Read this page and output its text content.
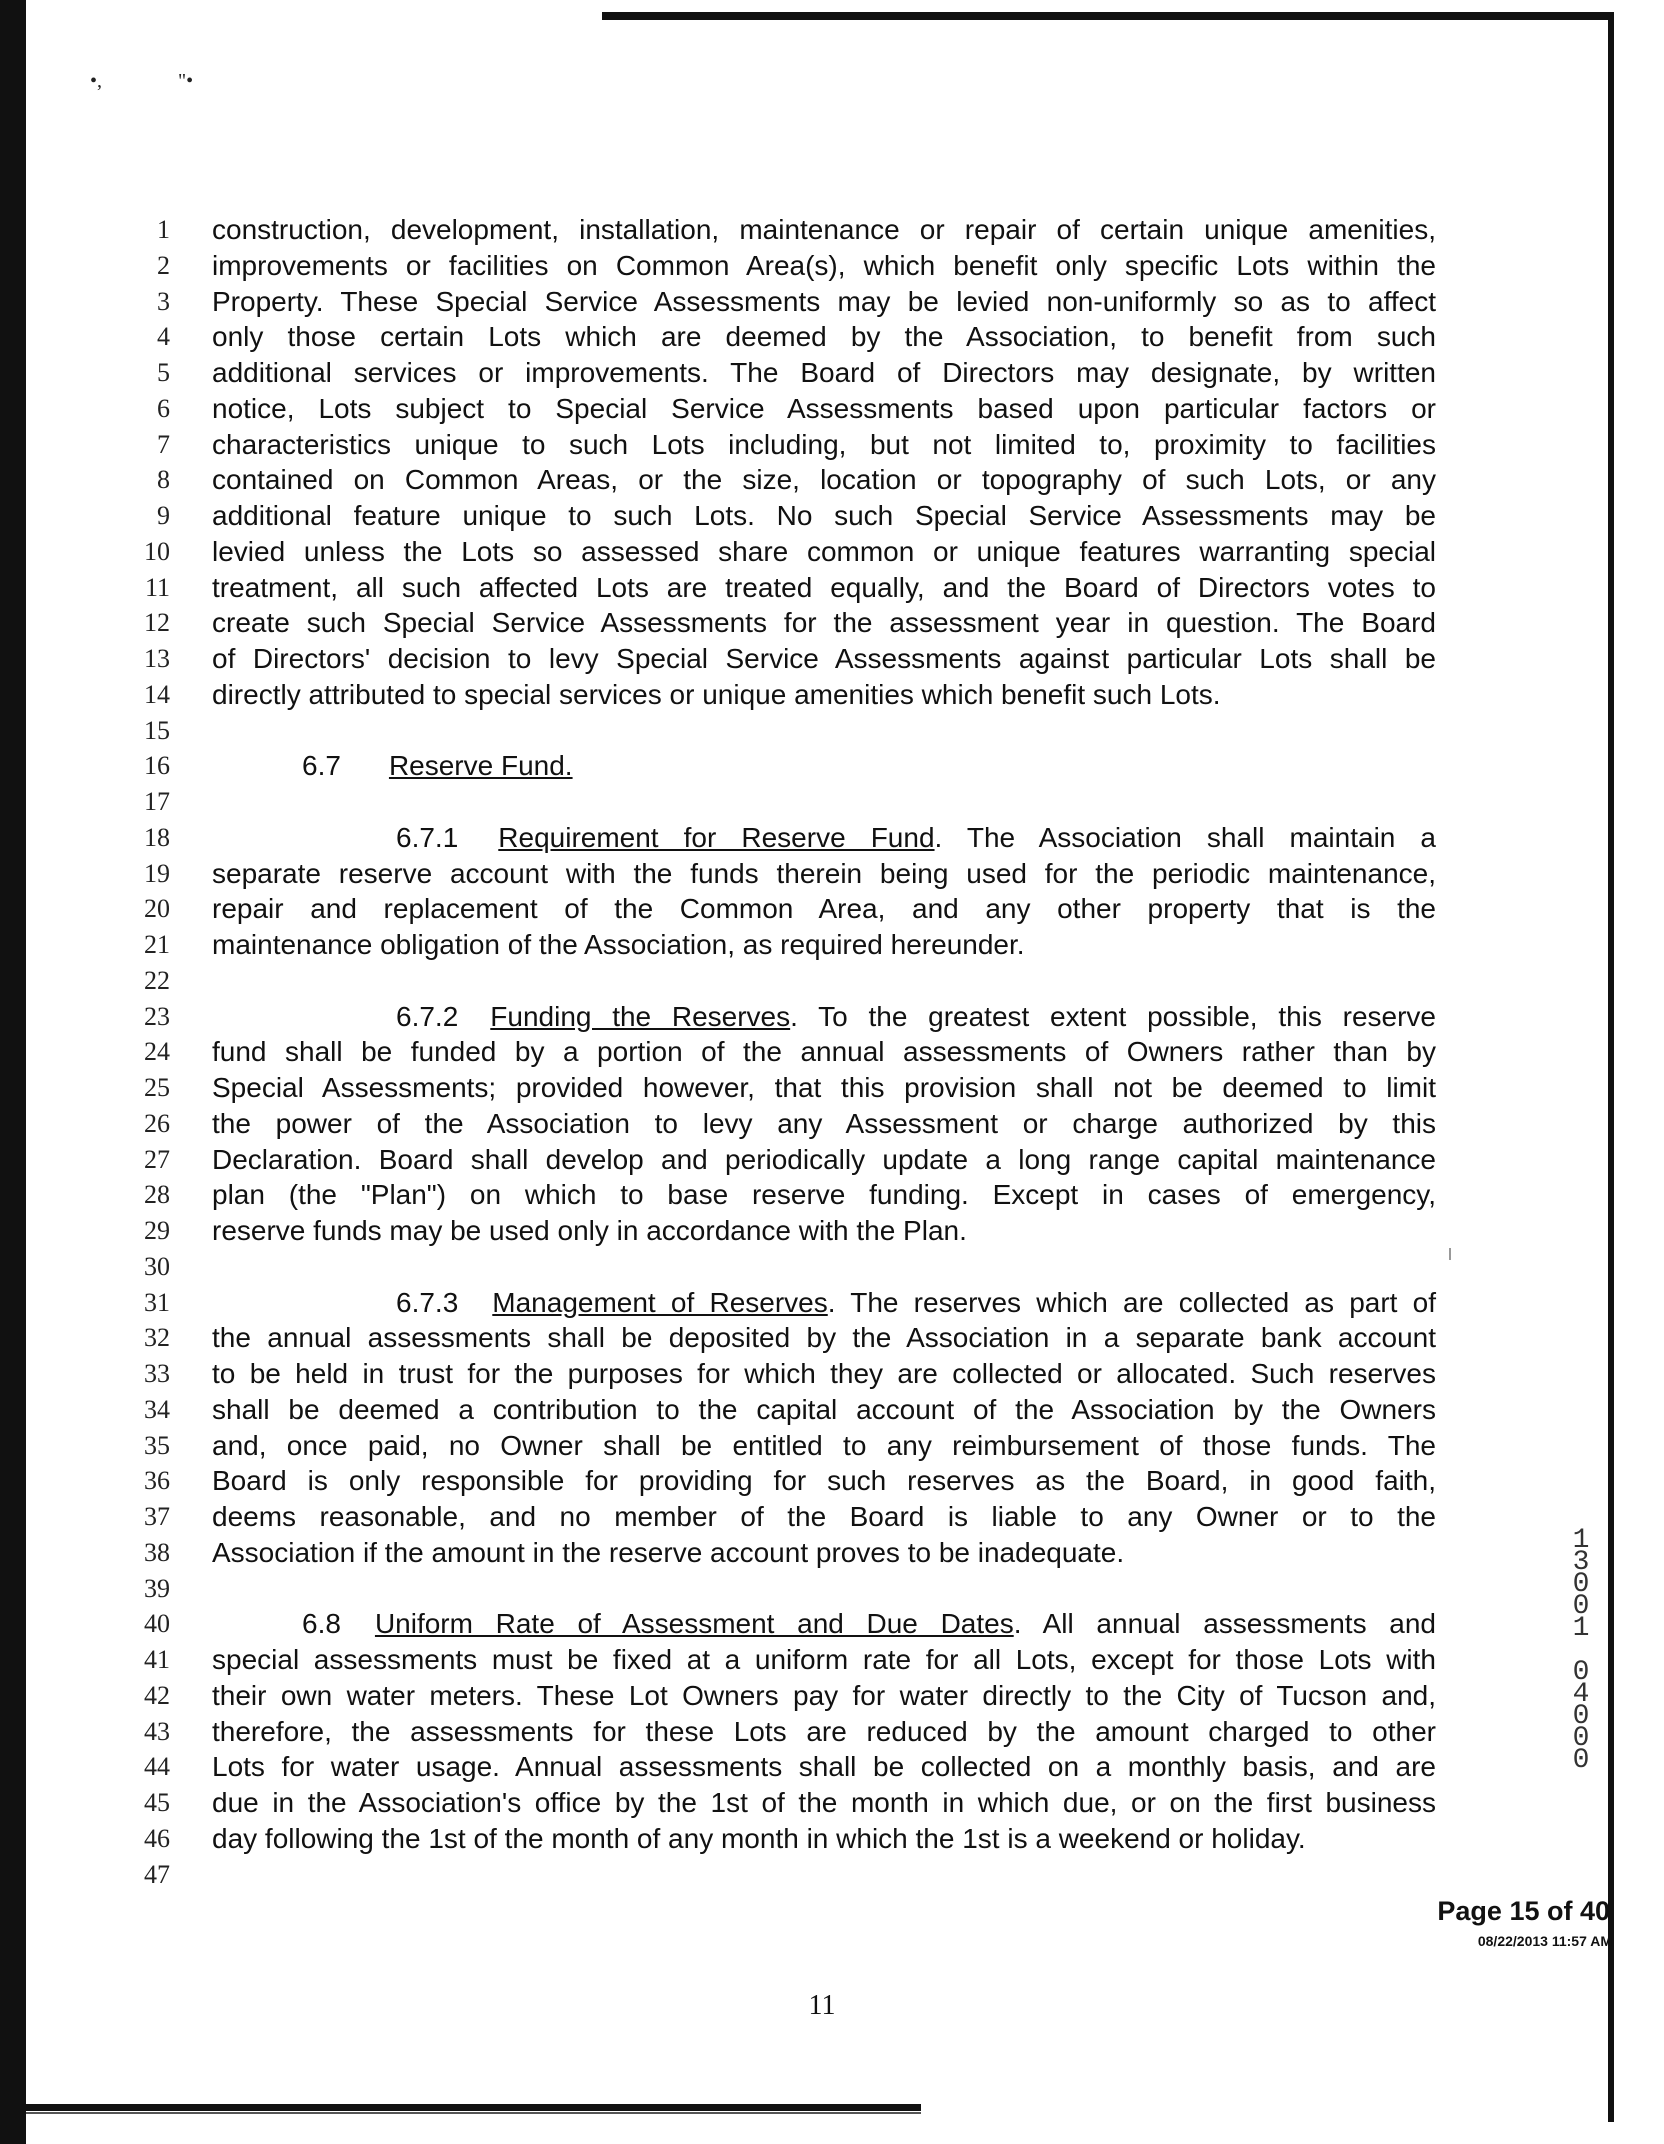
•,	"•
1
2
3
4
5
6
7
8
9
10
11
12
13
14
15
16
17
18
19
20
21
22
23
24
25
26
27
28
29
30
31
32
33
34
35
36
37
38
39
40
41
42
43
44
45
46
47
construction, development, installation, maintenance or repair of certain unique amenities,
improvements or facilities on Common Area(s), which benefit only specific Lots within the
Property. These Special Service Assessments may be levied non-uniformly so as to affect
only those certain Lots which are deemed by the Association, to benefit from such
additional services or improvements. The Board of Directors may designate, by written
notice, Lots subject to Special Service Assessments based upon particular factors or
characteristics unique to such Lots including, but not limited to, proximity to facilities
contained on Common Areas, or the size, location or topography of such Lots, or any
additional feature unique to such Lots. No such Special Service Assessments may be
levied unless the Lots so assessed share common or unique features warranting special
treatment, all such affected Lots are treated equally, and the Board of Directors votes to
create such Special Service Assessments for the assessment year in question. The Board
of Directors' decision to levy Special Service Assessments against particular Lots shall be
directly attributed to special services or unique amenities which benefit such Lots.
6.7 Reserve Fund.
6.7.1 Requirement for Reserve Fund. The Association shall maintain a
separate reserve account with the funds therein being used for the periodic maintenance,
repair and replacement of the Common Area, and any other property that is the
maintenance obligation of the Association, as required hereunder.
6.7.2 Funding the Reserves. To the greatest extent possible, this reserve
fund shall be funded by a portion of the annual assessments of Owners rather than by
Special Assessments; provided however, that this provision shall not be deemed to limit
the power of the Association to levy any Assessment or charge authorized by this
Declaration. Board shall develop and periodically update a long range capital maintenance
plan (the "Plan") on which to base reserve funding. Except in cases of emergency,
reserve funds may be used only in accordance with the Plan.
6.7.3 Management of Reserves. The reserves which are collected as part of
the annual assessments shall be deposited by the Association in a separate bank account
to be held in trust for the purposes for which they are collected or allocated. Such reserves
shall be deemed a contribution to the capital account of the Association by the Owners
and, once paid, no Owner shall be entitled to any reimbursement of those funds. The
Board is only responsible for providing for such reserves as the Board, in good faith,
deems reasonable, and no member of the Board is liable to any Owner or to the
Association if the amount in the reserve account proves to be inadequate.
6.8 Uniform Rate of Assessment and Due Dates. All annual assessments and
special assessments must be fixed at a uniform rate for all Lots, except for those Lots with
their own water meters. These Lot Owners pay for water directly to the City of Tucson and,
therefore, the assessments for these Lots are reduced by the amount charged to other
Lots for water usage. Annual assessments shall be collected on a monthly basis, and are
due in the Association's office by the 1st of the month in which due, or on the first business
day following the 1st of the month of any month in which the 1st is a weekend or holiday.
11
1
3
0
0
1

0
4
0
0
0
Page 15 of 40
08/22/2013 11:57 AM
